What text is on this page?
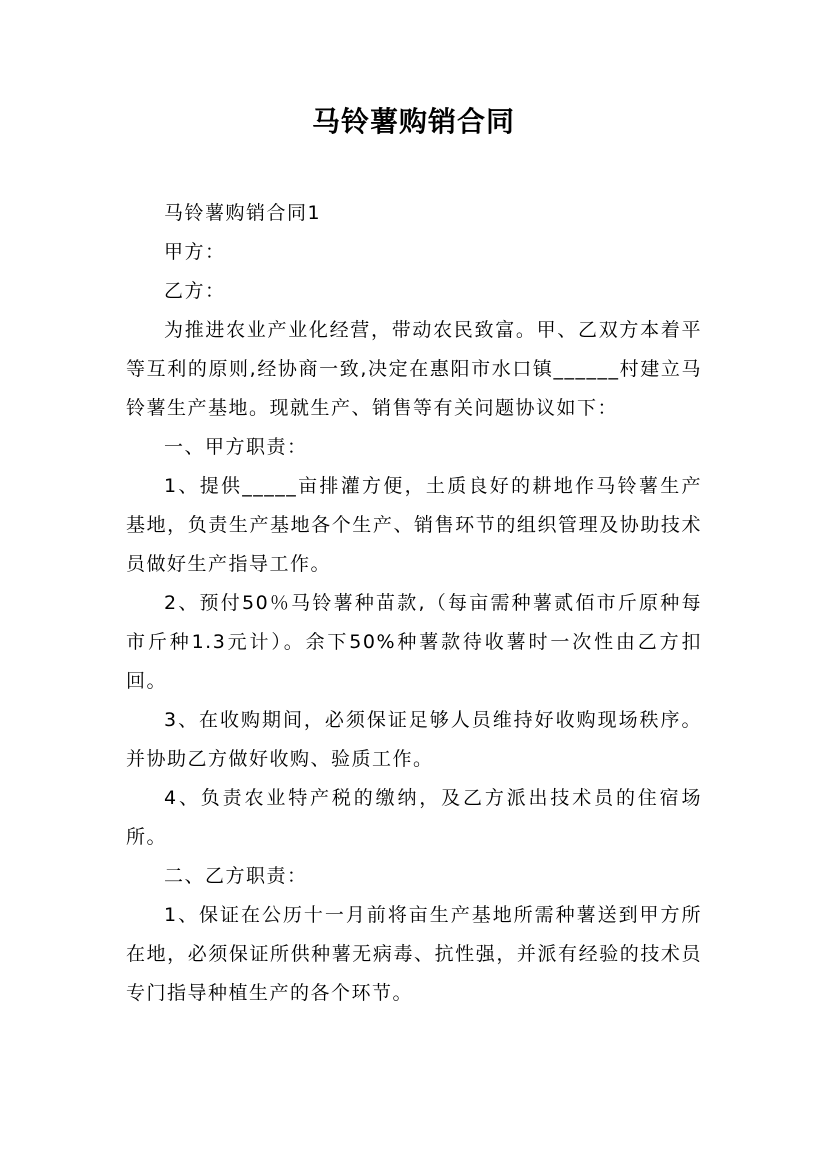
马铃薯购销合同

马铃薯购销合同1

甲方：

乙方：

为推进农业产业化经营，带动农民致富。甲、乙双方本着平等互利的原则,经协商一致,决定在惠阳市水口镇______村建立马铃薯生产基地。现就生产、销售等有关问题协议如下：

一、甲方职责：

1、提供_____亩排灌方便，土质良好的耕地作马铃薯生产基地，负责生产基地各个生产、销售环节的组织管理及协助技术员做好生产指导工作。

2、预付50％马铃薯种苗款,（每亩需种薯贰佰市斤原种每市斤种1.3元计）。余下50%种薯款待收薯时一次性由乙方扣回。

3、在收购期间，必须保证足够人员维持好收购现场秩序。并协助乙方做好收购、验质工作。

4、负责农业特产税的缴纳，及乙方派出技术员的住宿场所。

二、乙方职责：

1、保证在公历十一月前将亩生产基地所需种薯送到甲方所在地，必须保证所供种薯无病毒、抗性强，并派有经验的技术员专门指导种植生产的各个环节。
